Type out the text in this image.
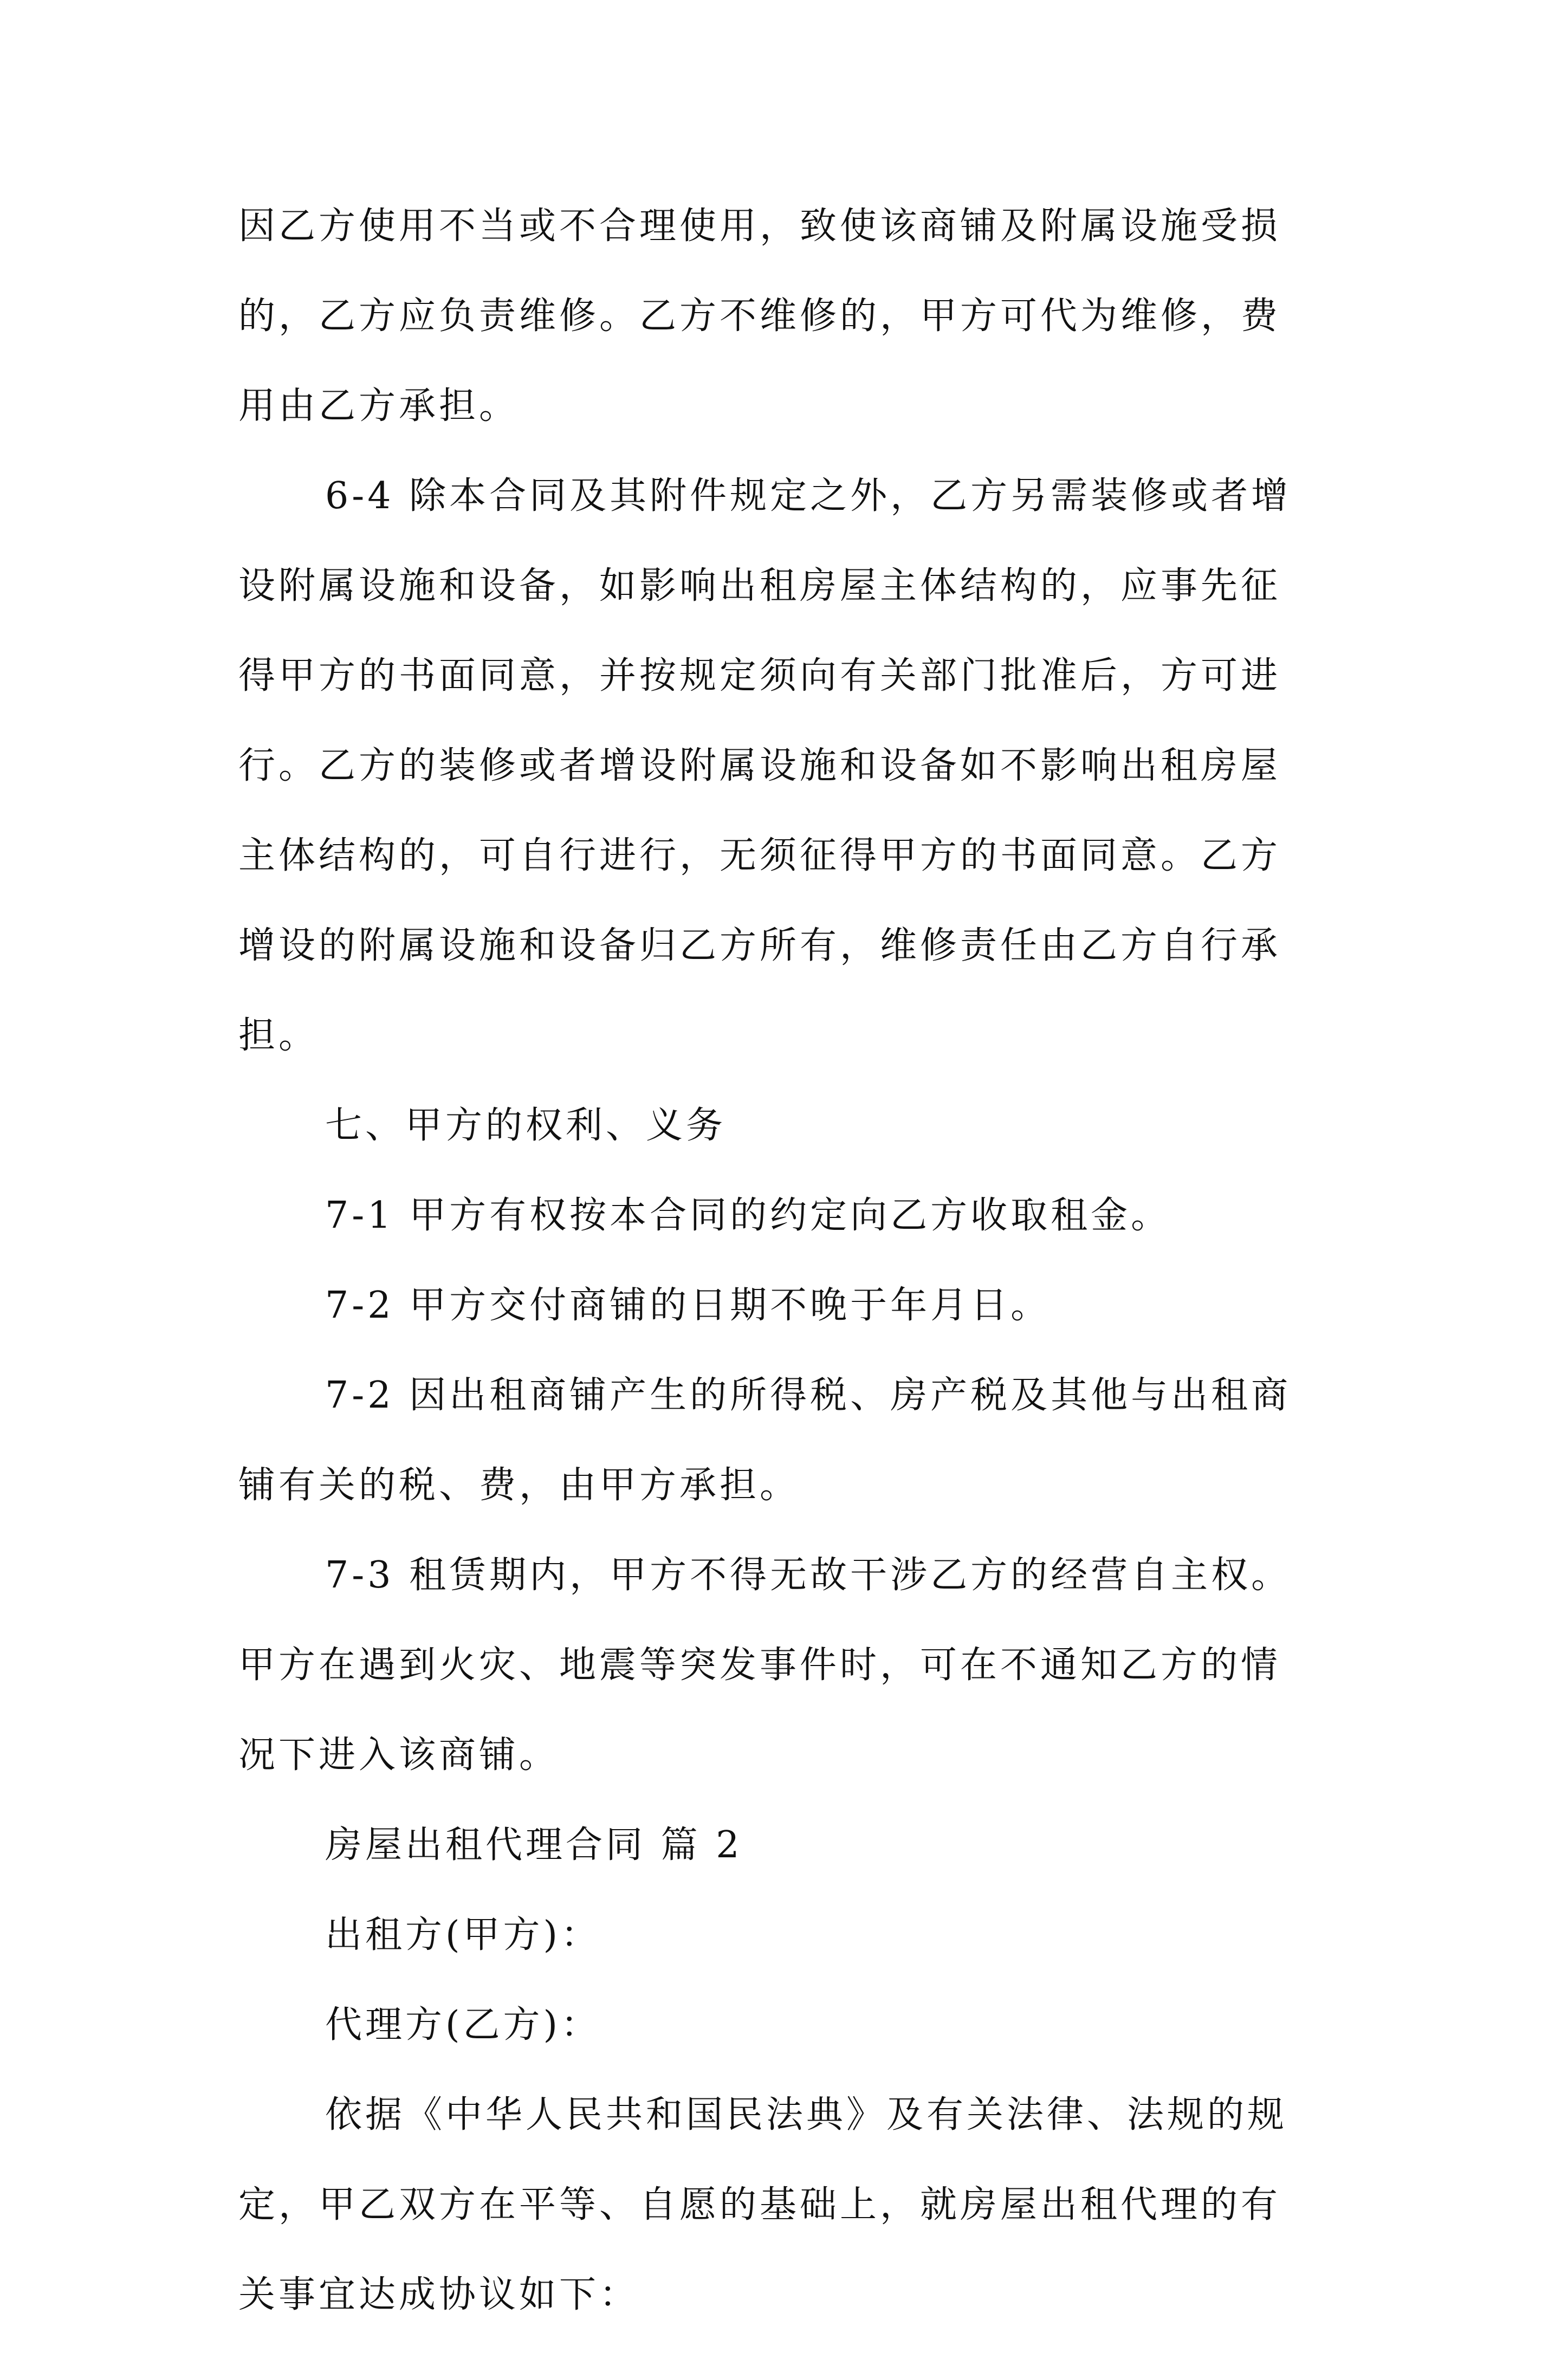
因乙方使用不当或不合理使用，致使该商铺及附属设施受损
的，乙方应负责维修。乙方不维修的，甲方可代为维修，费
用由乙方承担。
6-4 除本合同及其附件规定之外，乙方另需装修或者增
设附属设施和设备，如影响出租房屋主体结构的，应事先征
得甲方的书面同意，并按规定须向有关部门批准后，方可进
行。乙方的装修或者增设附属设施和设备如不影响出租房屋
主体结构的，可自行进行，无须征得甲方的书面同意。乙方
增设的附属设施和设备归乙方所有，维修责任由乙方自行承
担。
七、甲方的权利、义务
7-1 甲方有权按本合同的约定向乙方收取租金。
7-2 甲方交付商铺的日期不晚于年月日。
7-2 因出租商铺产生的所得税、房产税及其他与出租商
铺有关的税、费，由甲方承担。
7-3 租赁期内，甲方不得无故干涉乙方的经营自主权。
甲方在遇到火灾、地震等突发事件时，可在不通知乙方的情
况下进入该商铺。
房屋出租代理合同 篇 2
出租方(甲方)：
代理方(乙方)：
依据《中华人民共和国民法典》及有关法律、法规的规
定，甲乙双方在平等、自愿的基础上，就房屋出租代理的有
关事宜达成协议如下：
